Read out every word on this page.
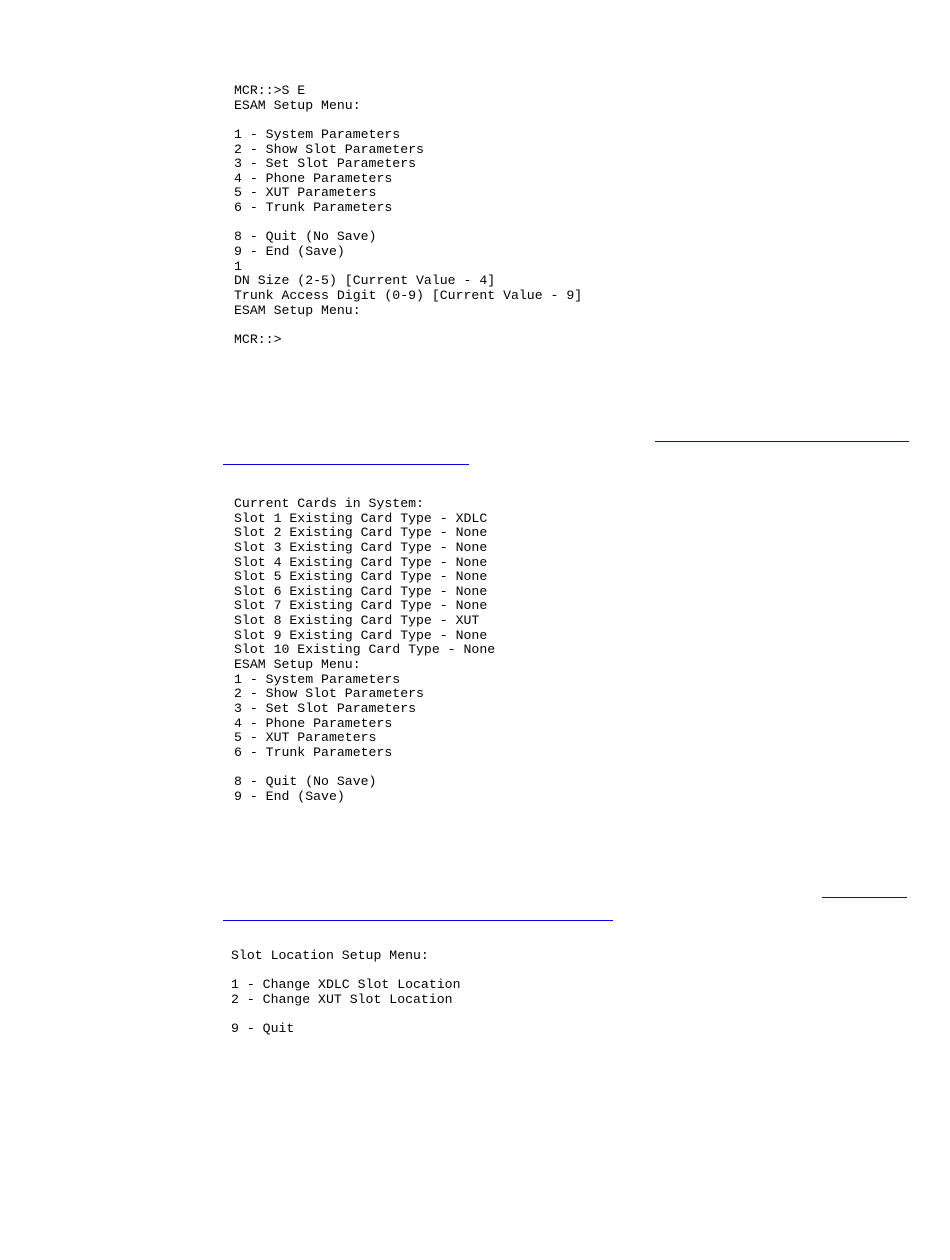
MCR::>S E
ESAM Setup Menu:
1 - System Parameters
2 - Show Slot Parameters
3 - Set Slot Parameters
4 - Phone Parameters
5 - XUT Parameters
6 - Trunk Parameters
8 - Quit (No Save)
9 - End (Save)
1
DN Size (2-5) [Current Value - 4]
Trunk Access Digit (0-9) [Current Value - 9]
ESAM Setup Menu:
MCR::>
Current Cards in System:
Slot 1 Existing Card Type - XDLC
Slot 2 Existing Card Type - None
Slot 3 Existing Card Type - None
Slot 4 Existing Card Type - None
Slot 5 Existing Card Type - None
Slot 6 Existing Card Type - None
Slot 7 Existing Card Type - None
Slot 8 Existing Card Type - XUT
Slot 9 Existing Card Type - None
Slot 10 Existing Card Type - None
ESAM Setup Menu:
1 - System Parameters
2 - Show Slot Parameters
3 - Set Slot Parameters
4 - Phone Parameters
5 - XUT Parameters
6 - Trunk Parameters
8 - Quit (No Save)
9 - End (Save)
Slot Location Setup Menu:
1 - Change XDLC Slot Location
2 - Change XUT Slot Location
9 - Quit
